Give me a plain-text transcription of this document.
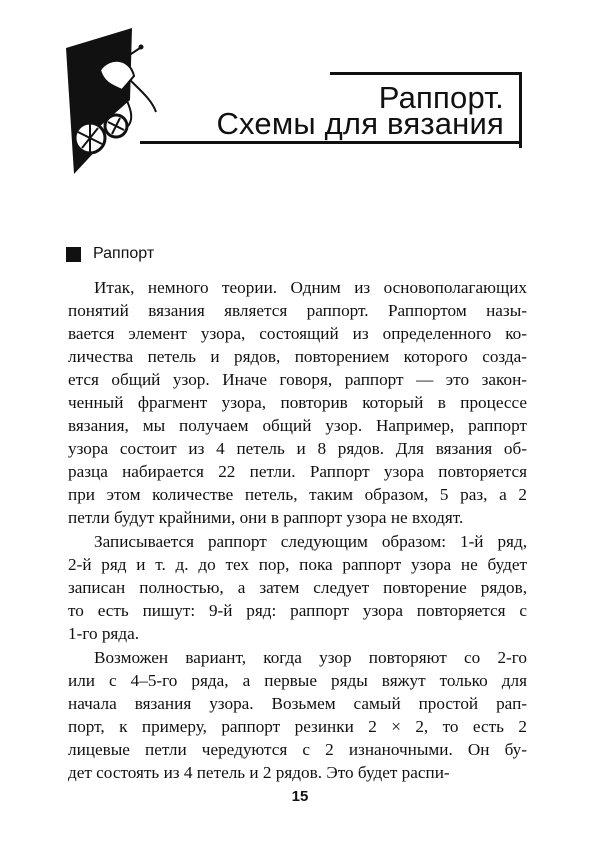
Раппорт.
Схемы для вязания
Раппорт
Итак, немного теории. Одним из основополагающих
понятий вязания является раппорт. Раппортом назы-
вается элемент узора, состоящий из определенного ко-
личества петель и рядов, повторением которого созда-
ется общий узор. Иначе говоря, раппорт — это закон-
ченный фрагмент узора, повторив который в процессе
вязания, мы получаем общий узор. Например, раппорт
узора состоит из 4 петель и 8 рядов. Для вязания об-
разца набирается 22 петли. Раппорт узора повторяется
при этом количестве петель, таким образом, 5 раз, а 2
петли будут крайними, они в раппорт узора не входят.
Записывается раппорт следующим образом: 1-й ряд,
2-й ряд и т. д. до тех пор, пока раппорт узора не будет
записан полностью, а затем следует повторение рядов,
то есть пишут: 9-й ряд: раппорт узора повторяется с
1-го ряда.
Возможен вариант, когда узор повторяют со 2-го
или с 4–5-го ряда, а первые ряды вяжут только для
начала вязания узора. Возьмем самый простой рап-
порт, к примеру, раппорт резинки 2 × 2, то есть 2
лицевые петли чередуются с 2 изнаночными. Он бу-
дет состоять из 4 петель и 2 рядов. Это будет распи-
15
